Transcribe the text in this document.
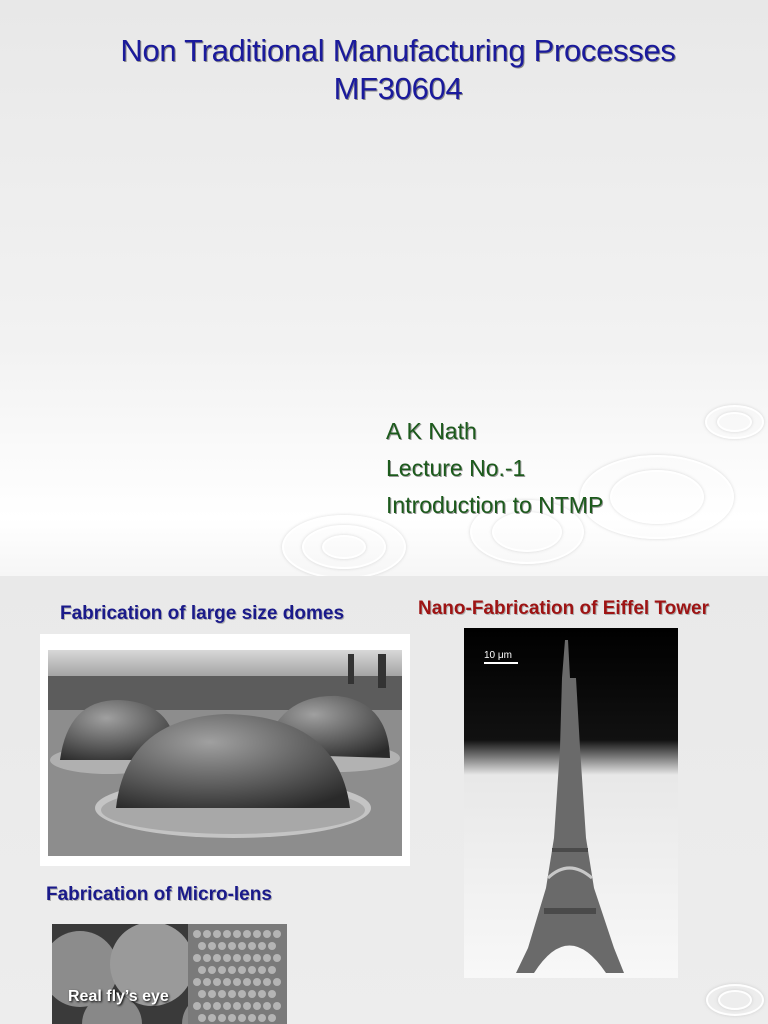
Non Traditional Manufacturing Processes
MF30604
A K Nath
Lecture No.-1
Introduction to NTMP
Fabrication of large size domes	Nano-Fabrication of Eiffel Tower
10 μm
Fabrication of Micro-lens
Real fly’s eye
